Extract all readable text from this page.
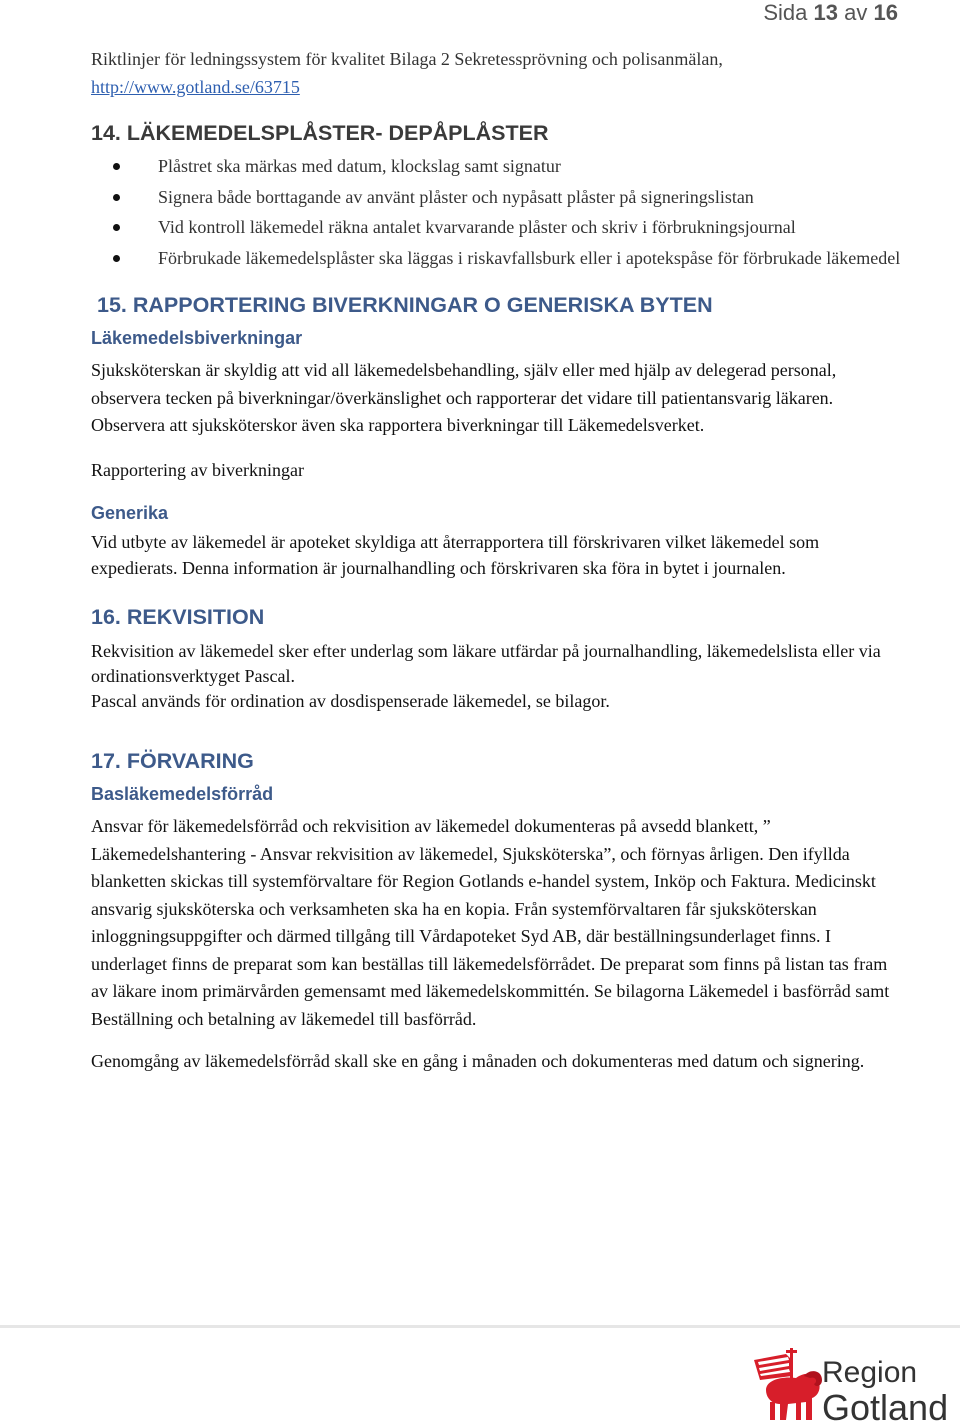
Sida 13 av 16
Riktlinjer för ledningssystem för kvalitet Bilaga 2 Sekretessprövning och polisanmälan,
http://www.gotland.se/63715
14. LÄKEMEDELSPLÅSTER- DEPÅPLÅSTER
Plåstret ska märkas med datum, klockslag samt signatur
Signera både borttagande av använt plåster och nypåsatt plåster på signeringslistan
Vid kontroll läkemedel räkna antalet kvarvarande plåster och skriv i förbrukningsjournal
Förbrukade läkemedelsplåster ska läggas i riskavfallsburk eller i apotekspåse för förbrukade läkemedel
15. RAPPORTERING BIVERKNINGAR O GENERISKA BYTEN
Läkemedelsbiverkningar

Sjuksköterskan är skyldig att vid all läkemedelsbehandling, själv eller med hjälp av delegerad personal, observera tecken på biverkningar/överkänslighet och rapporterar det vidare till patientansvarig läkaren. Observera att sjuksköterskor även ska rapportera biverkningar till Läkemedelsverket.

Rapportering av biverkningar

Generika

Vid utbyte av läkemedel är apoteket skyldiga att återrapportera till förskrivaren vilket läkemedel som expedierats. Denna information är journalhandling och förskrivaren ska föra in bytet i journalen.

16. REKVISITION

Rekvisition av läkemedel sker efter underlag som läkare utfärdar på journalhandling, läkemedelslista eller via ordinationsverktyget Pascal.

Pascal används för ordination av dosdispenserade läkemedel, se bilagor.

17. FÖRVARING
Basläkemedelsförråd

Ansvar för läkemedelsförråd och rekvisition av läkemedel dokumenteras på avsedd blankett, ” Läkemedelshantering - Ansvar rekvisition av läkemedel, Sjuksköterska”, och förnyas årligen. Den ifyllda blanketten skickas till systemförvaltare för Region Gotlands e-handel system, Inköp och Faktura. Medicinskt ansvarig sjuksköterska och verksamheten ska ha en kopia. Från systemförvaltaren får sjuksköterskan inloggningsuppgifter och därmed tillgång till Vårdapoteket Syd AB, där beställningsunderlaget finns. I underlaget finns de preparat som kan beställas till läkemedelsförrådet. De preparat som finns på listan tas fram av läkare inom primärvården gemensamt med läkemedelskommittén. Se bilagorna Läkemedel i basförråd samt Beställning och betalning av läkemedel till basförråd.

Genomgång av läkemedelsförråd skall ske en gång i månaden och dokumenteras med datum och signering.

Region
Gotland
